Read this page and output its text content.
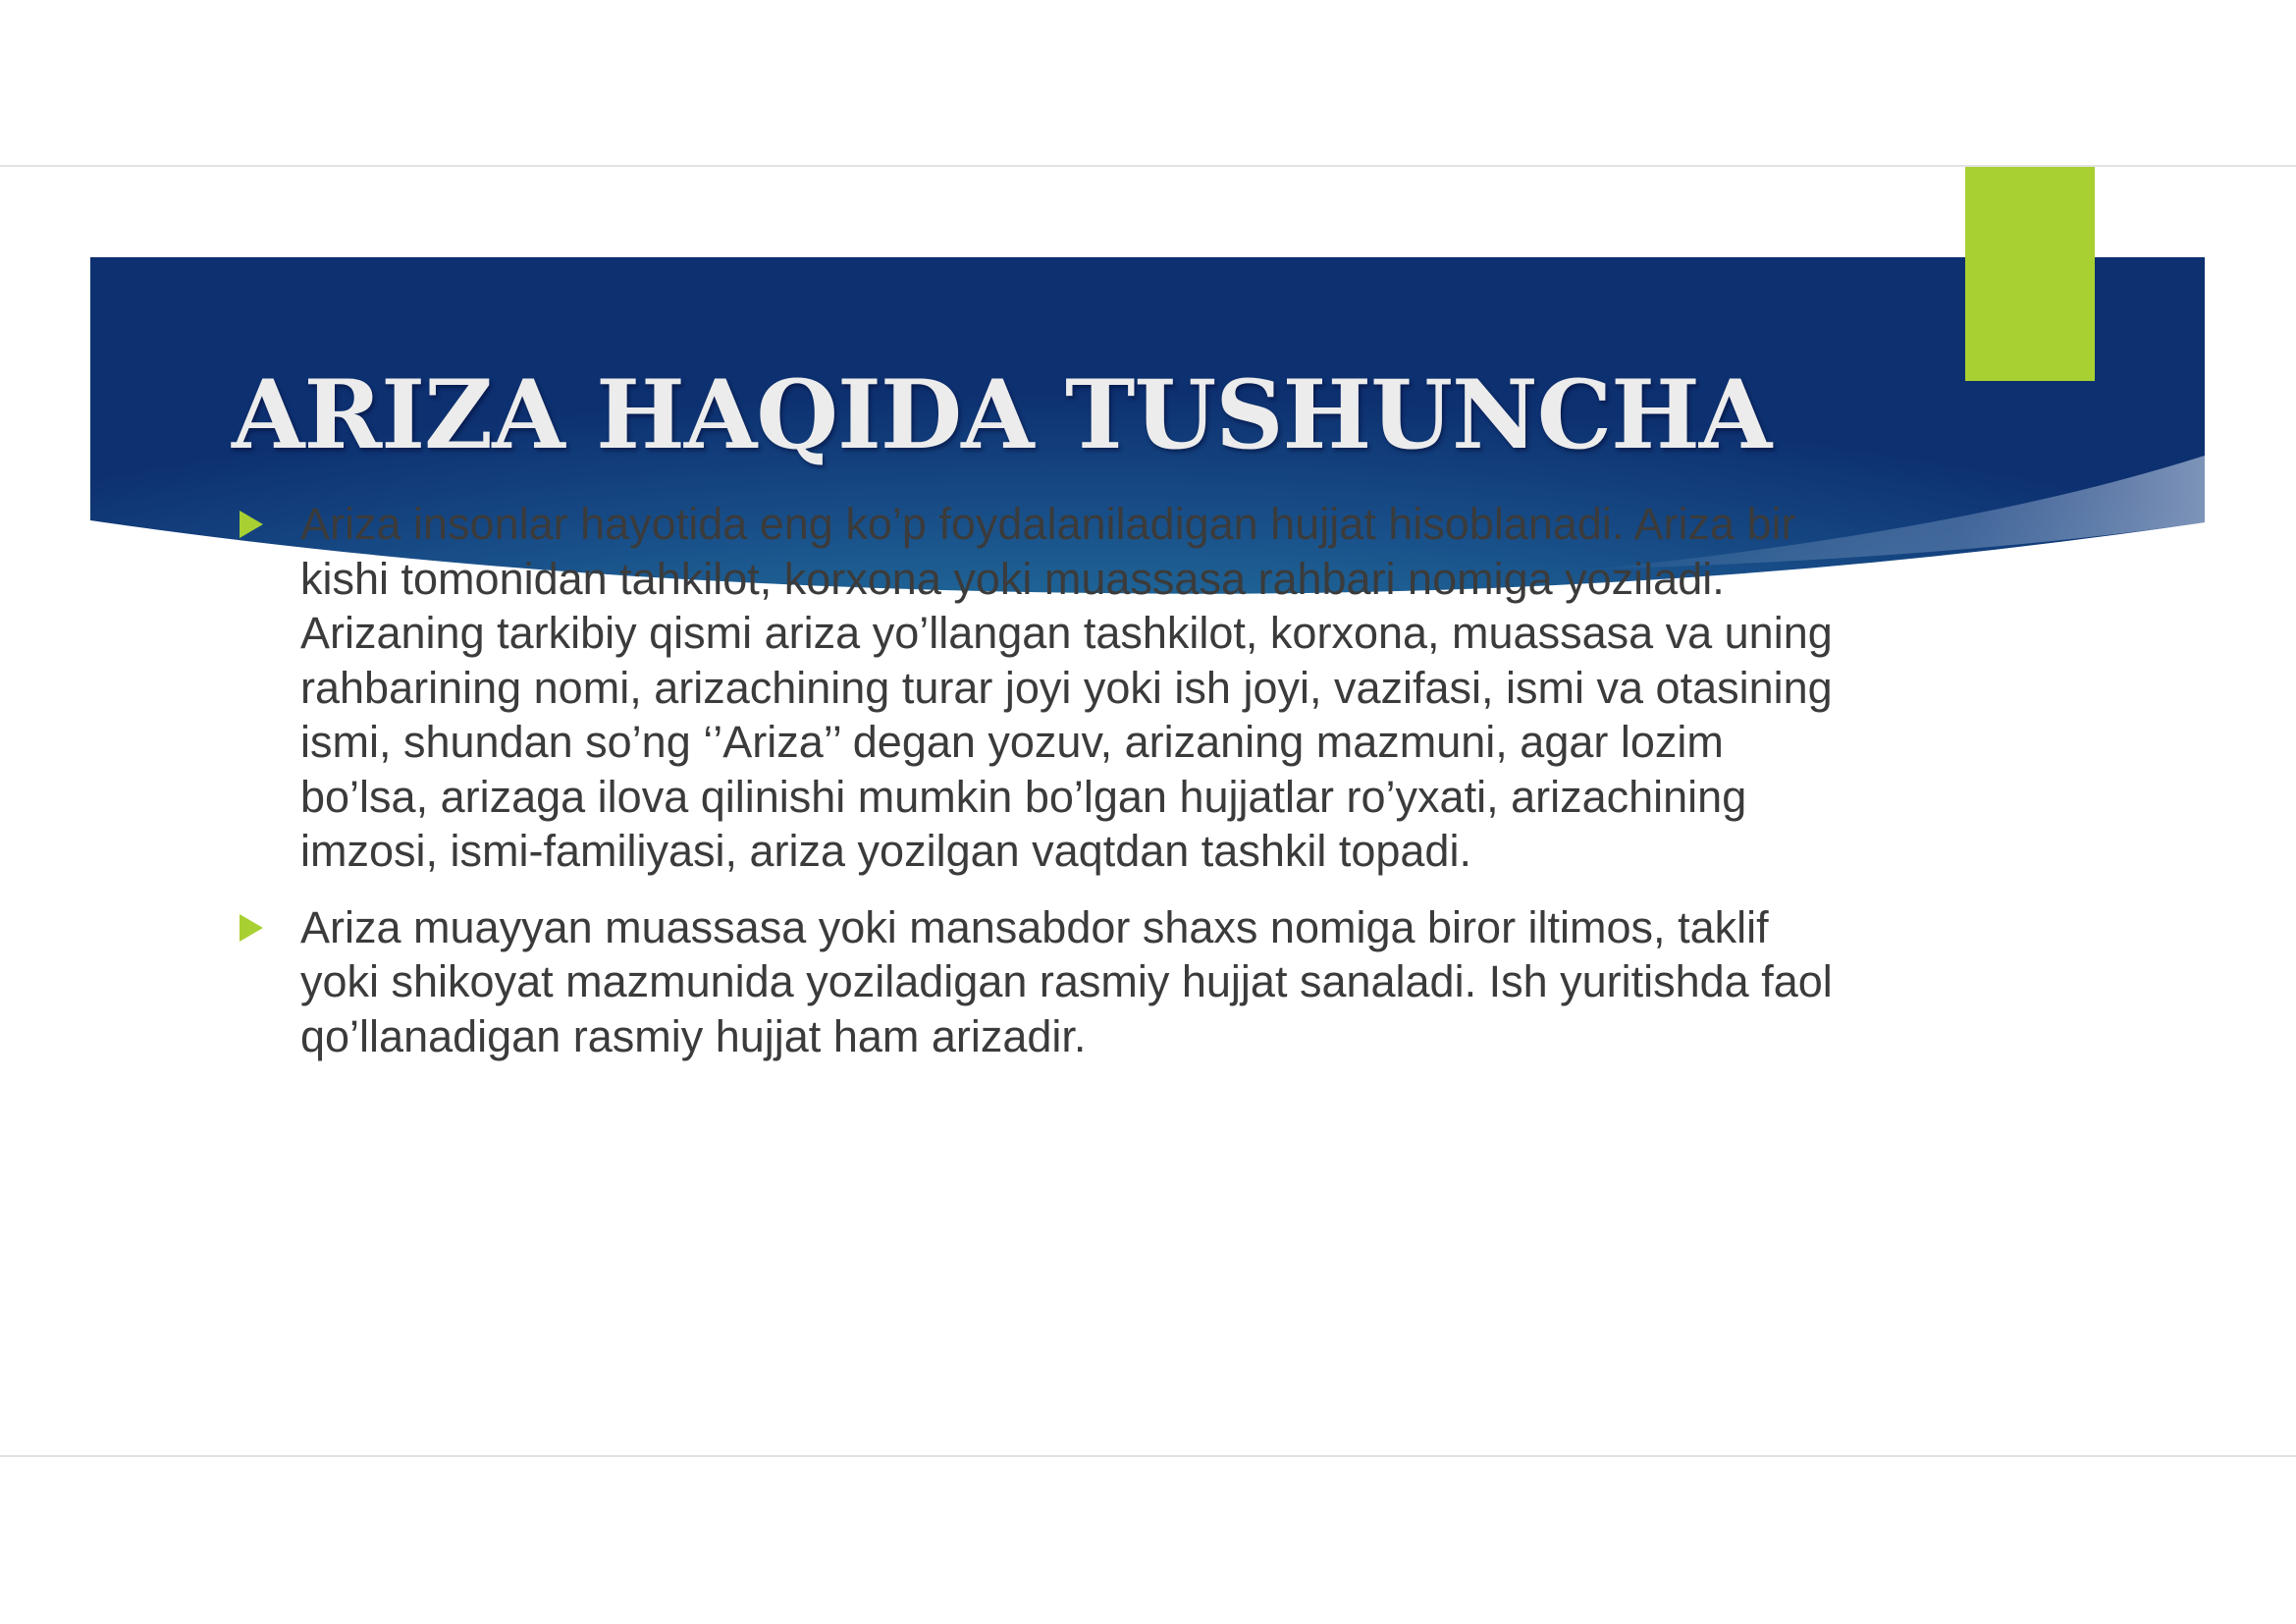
ARIZA HAQIDA TUSHUNCHA
Ariza insonlar hayotida eng ko’p foydalaniladigan hujjat hisoblanadi. Ariza bir kishi tomonidan tahkilot, korxona yoki muassasa rahbari nomiga yoziladi. Arizaning tarkibiy qismi ariza yo’llangan tashkilot, korxona, muassasa va uning rahbarining nomi, arizachining turar joyi yoki ish joyi, vazifasi, ismi va otasining ismi, shundan so’ng ‘’Ariza’’ degan yozuv, arizaning mazmuni, agar lozim bo’lsa, arizaga ilova qilinishi mumkin bo’lgan hujjatlar ro’yxati, arizachining imzosi, ismi-familiyasi, ariza yozilgan vaqtdan tashkil topadi.
Ariza muayyan muassasa yoki mansabdor shaxs nomiga biror iltimos, taklif yoki shikoyat mazmunida yoziladigan rasmiy hujjat sanaladi. Ish yuritishda faol qo’llanadigan rasmiy hujjat ham arizadir.
